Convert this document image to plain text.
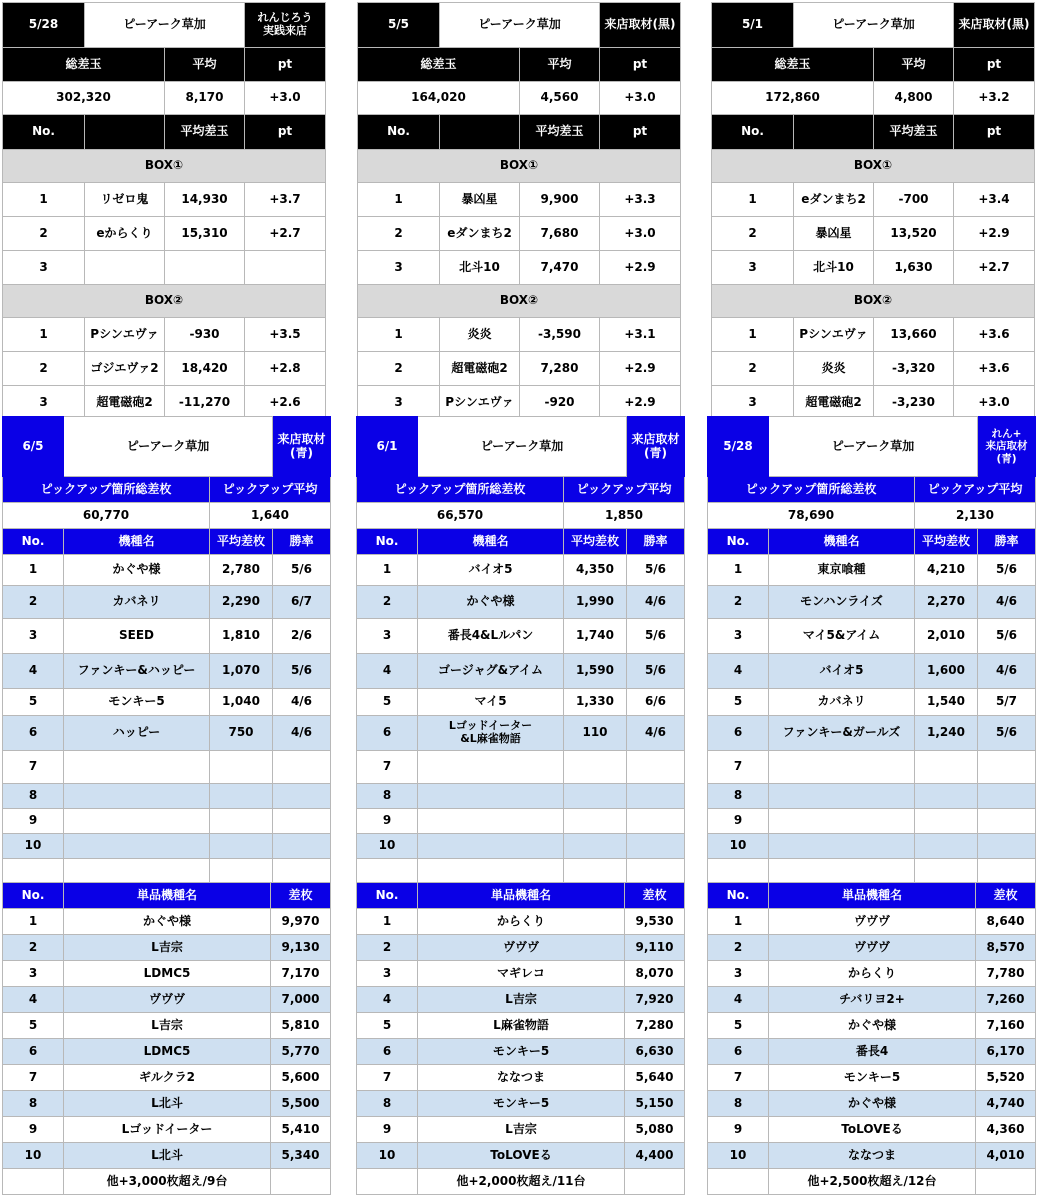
5/28	ピーアーク草加		れんじろう
実践来店
総差玉		平均	pt
302,320		8,170	+3.0
No.		平均差玉	pt
BOX①			
1	リゼロ鬼	14,930	+3.7
2	eからくり	15,310	+2.7
3			
BOX②			
1	Pシンエヴァ	-930	+3.5
2	ゴジエヴァ2	18,420	+2.8
3	超電磁砲2	-11,270	+2.6
5/5	ピーアーク草加		来店取材(黒)
総差玉		平均	pt
164,020		4,560	+3.0
No.		平均差玉	pt
BOX①			
1	暴凶星	9,900	+3.3
2	eダンまち2	7,680	+3.0
3	北斗10	7,470	+2.9
BOX②			
1	炎炎	-3,590	+3.1
2	超電磁砲2	7,280	+2.9
3	Pシンエヴァ	-920	+2.9
5/1	ピーアーク草加		来店取材(黒)
総差玉		平均	pt
172,860		4,800	+3.2
No.		平均差玉	pt
BOX①			
1	eダンまち2	-700	+3.4
2	暴凶星	13,520	+2.9
3	北斗10	1,630	+2.7
BOX②			
1	Pシンエヴァ	13,660	+3.6
2	炎炎	-3,320	+3.6
3	超電磁砲2	-3,230	+3.0
6/5	ピーアーク草加		来店取材
(青)
ピックアップ箇所総差枚		ピックアップ平均	
60,770		1,640	
No.	機種名	平均差枚	勝率
1	かぐや様	2,780	5/6
2	カバネリ	2,290	6/7
3	SEED	1,810	2/6
4	ファンキー&ハッピー	1,070	5/6
5	モンキー5	1,040	4/6
6	ハッピー	750	4/6
7			
8			
9			
10			

No.	単品機種名	差枚
1	かぐや様	9,970
2	L吉宗	9,130
3	LDMC5	7,170
4	ヴヴヴ	7,000
5	L吉宗	5,810
6	LDMC5	5,770
7	ギルクラ2	5,600
8	L北斗	5,500
9	Lゴッドイーター	5,410
10	L北斗	5,340
	他+3,000枚超え/9台	
6/1	ピーアーク草加		来店取材
(青)
ピックアップ箇所総差枚		ピックアップ平均	
66,570		1,850	
No.	機種名	平均差枚	勝率
1	バイオ5	4,350	5/6
2	かぐや様	1,990	4/6
3	番長4&Lルパン	1,740	5/6
4	ゴージャグ&アイム	1,590	5/6
5	マイ5	1,330	6/6
6	Lゴッドイーター
&L麻雀物語	110	4/6
7			
8			
9			
10			

No.	単品機種名	差枚
1	からくり	9,530
2	ヴヴヴ	9,110
3	マギレコ	8,070
4	L吉宗	7,920
5	L麻雀物語	7,280
6	モンキー5	6,630
7	ななつま	5,640
8	モンキー5	5,150
9	L吉宗	5,080
10	ToLOVEる	4,400
	他+2,000枚超え/11台	
5/28	ピーアーク草加		れん+
来店取材
(青)
ピックアップ箇所総差枚		ピックアップ平均	
78,690		2,130	
No.	機種名	平均差枚	勝率
1	東京喰種	4,210	5/6
2	モンハンライズ	2,270	4/6
3	マイ5&アイム	2,010	5/6
4	バイオ5	1,600	4/6
5	カバネリ	1,540	5/7
6	ファンキー&ガールズ	1,240	5/6
7			
8			
9			
10			

No.	単品機種名	差枚
1	ヴヴヴ	8,640
2	ヴヴヴ	8,570
3	からくり	7,780
4	チバリヨ2+	7,260
5	かぐや様	7,160
6	番長4	6,170
7	モンキー5	5,520
8	かぐや様	4,740
9	ToLOVEる	4,360
10	ななつま	4,010
	他+2,500枚超え/12台	
